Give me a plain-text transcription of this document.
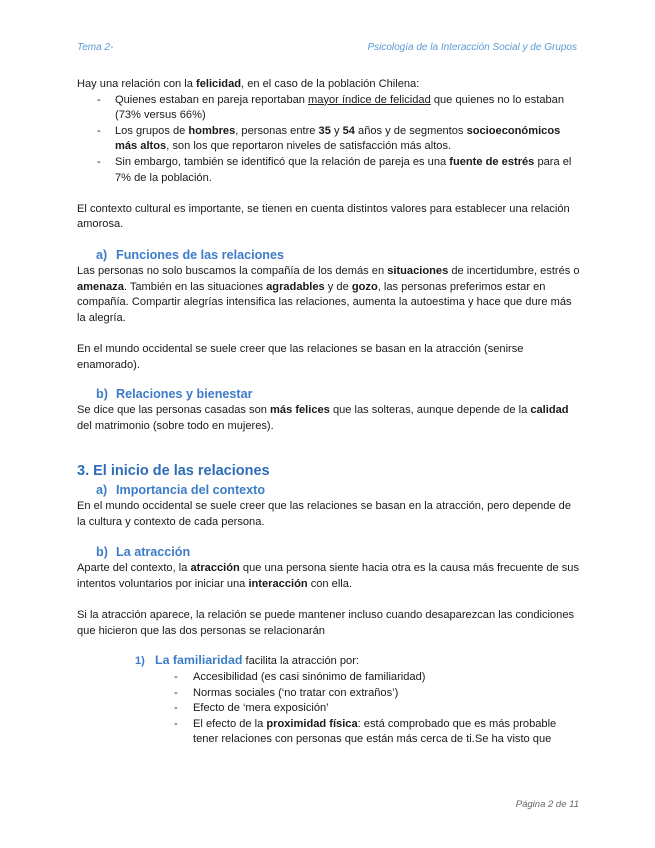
Tema 2-	Psicología de la Interacción Social y de Grupos

Hay una relación con la felicidad, en el caso de la población Chilena:

- Quienes estaban en pareja reportaban mayor índice de felicidad que quienes no lo estaban (73% versus 66%)
- Los grupos de hombres, personas entre 35 y 54 años y de segmentos socioeconómicos más altos, son los que reportaron niveles de satisfacción más altos.
- Sin embargo, también se identificó que la relación de pareja es una fuente de estrés para el 7% de la población.

El contexto cultural es importante, se tienen en cuenta distintos valores para establecer una relación amorosa.

a) Funciones de las relaciones

Las personas no solo buscamos la compañía de los demás en situaciones de incertidumbre, estrés o amenaza. También en las situaciones agradables y de gozo, las personas preferimos estar en compañía. Compartir alegrías intensifica las relaciones, aumenta la autoestima y hace que dure más la alegría.

En el mundo occidental se suele creer que las relaciones se basan en la atracción (senirse enamorado).

b) Relaciones y bienestar

Se dice que las personas casadas son más felices que las solteras, aunque depende de la calidad del matrimonio (sobre todo en mujeres).

3. El inicio de las relaciones
a) Importancia del contexto

En el mundo occidental se suele creer que las relaciones se basan en la atracción, pero depende de la cultura y contexto de cada persona.

b) La atracción

Aparte del contexto, la atracción que una persona siente hacia otra es la causa más frecuente de sus intentos voluntarios por iniciar una interacción con ella.

Si la atracción aparece, la relación se puede mantener incluso cuando desaparezcan las condiciones que hicieron que las dos personas se relacionarán

1) La familiaridad facilita la atracción por:

- Accesibilidad (es casi sinónimo de familiaridad)
- Normas sociales (‘no tratar con extraños’)
- Efecto de ‘mera exposición’
- El efecto de la proximidad física: está comprobado que es más probable tener relaciones con personas que están más cerca de ti.Se ha visto que
Página 2 de 11
